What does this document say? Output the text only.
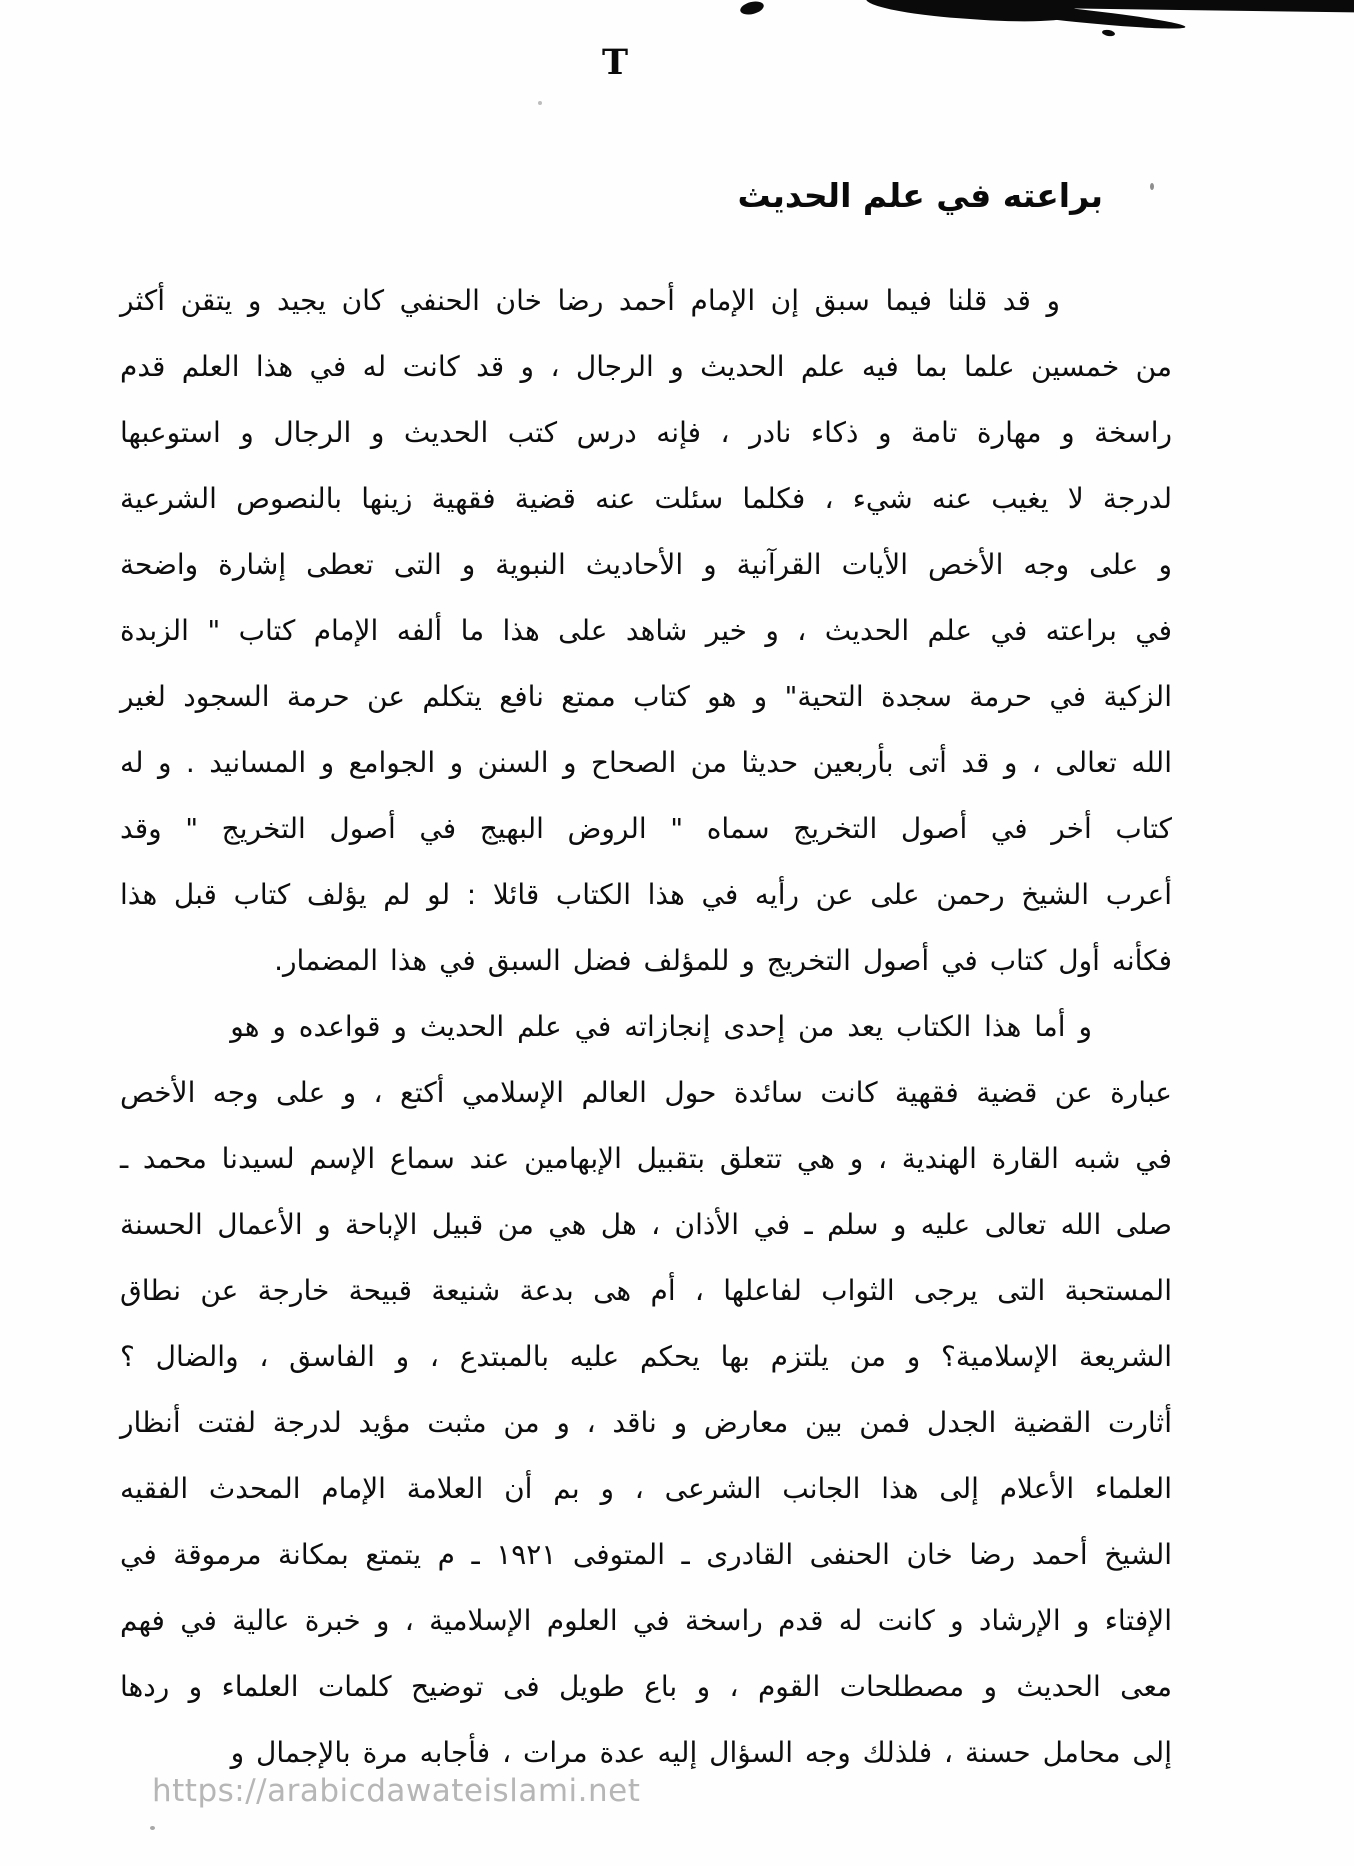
T
براعته في علم الحديث
و قد قلنا فيما سبق إن الإمام أحمد رضا خان الحنفي كان يجيد و يتقن أكثر
من خمسين علما بما فيه علم الحديث و الرجال ، و قد كانت له في هذا العلم قدم
راسخة و مهارة تامة و ذكاء نادر ، فإنه درس كتب الحديث و الرجال و استوعبها
لدرجة لا يغيب عنه شيء ، فكلما سئلت عنه قضية فقهية زينها بالنصوص الشرعية
و على وجه الأخص الأيات القرآنية و الأحاديث النبوية و التى تعطى إشارة واضحة
في براعته في علم الحديث ، و خير شاهد على هذا ما ألفه الإمام كتاب " الزبدة
الزكية في حرمة سجدة التحية" و هو كتاب ممتع نافع يتكلم عن حرمة السجود لغير
الله تعالى ، و قد أتى بأربعين حديثا من الصحاح و السنن و الجوامع و المسانيد . و له
كتاب أخر في أصول التخريج سماه " الروض البهيج في أصول التخريج " وقد
أعرب الشيخ رحمن على عن رأيه في هذا الكتاب قائلا : لو لم يؤلف كتاب قبل هذا
فكأنه أول كتاب في أصول التخريج و للمؤلف فضل السبق في هذا المضمار.
و أما هذا الكتاب يعد من إحدى إنجازاته في علم الحديث و قواعده و هو
عبارة عن قضية فقهية كانت سائدة حول العالم الإسلامي أكتع ، و على وجه الأخص
في شبه القارة الهندية ، و هي تتعلق بتقبيل الإبهامين عند سماع الإسم لسيدنا محمد ـ
صلى الله تعالى عليه و سلم ـ في الأذان ، هل هي من قبيل الإباحة و الأعمال الحسنة
المستحبة التى يرجى الثواب لفاعلها ، أم هى بدعة شنيعة قبيحة خارجة عن نطاق
الشريعة الإسلامية؟ و من يلتزم بها يحكم عليه بالمبتدع ، و الفاسق ، والضال ؟
أثارت القضية الجدل فمن بين معارض و ناقد ، و من مثبت مؤيد لدرجة لفتت أنظار
العلماء الأعلام إلى هذا الجانب الشرعى ، و بم أن العلامة الإمام المحدث الفقيه
الشيخ أحمد رضا خان الحنفى القادرى ـ المتوفى ١٩٢١ ـ م يتمتع بمكانة مرموقة في
الإفتاء و الإرشاد و كانت له قدم راسخة في العلوم الإسلامية ، و خبرة عالية في فهم
معى الحديث و مصطلحات القوم ، و باع طويل فى توضيح كلمات العلماء و ردها
إلى محامل حسنة ، فلذلك وجه السؤال إليه عدة مرات ، فأجابه مرة بالإجمال و
https://arabicdawateislami.net
